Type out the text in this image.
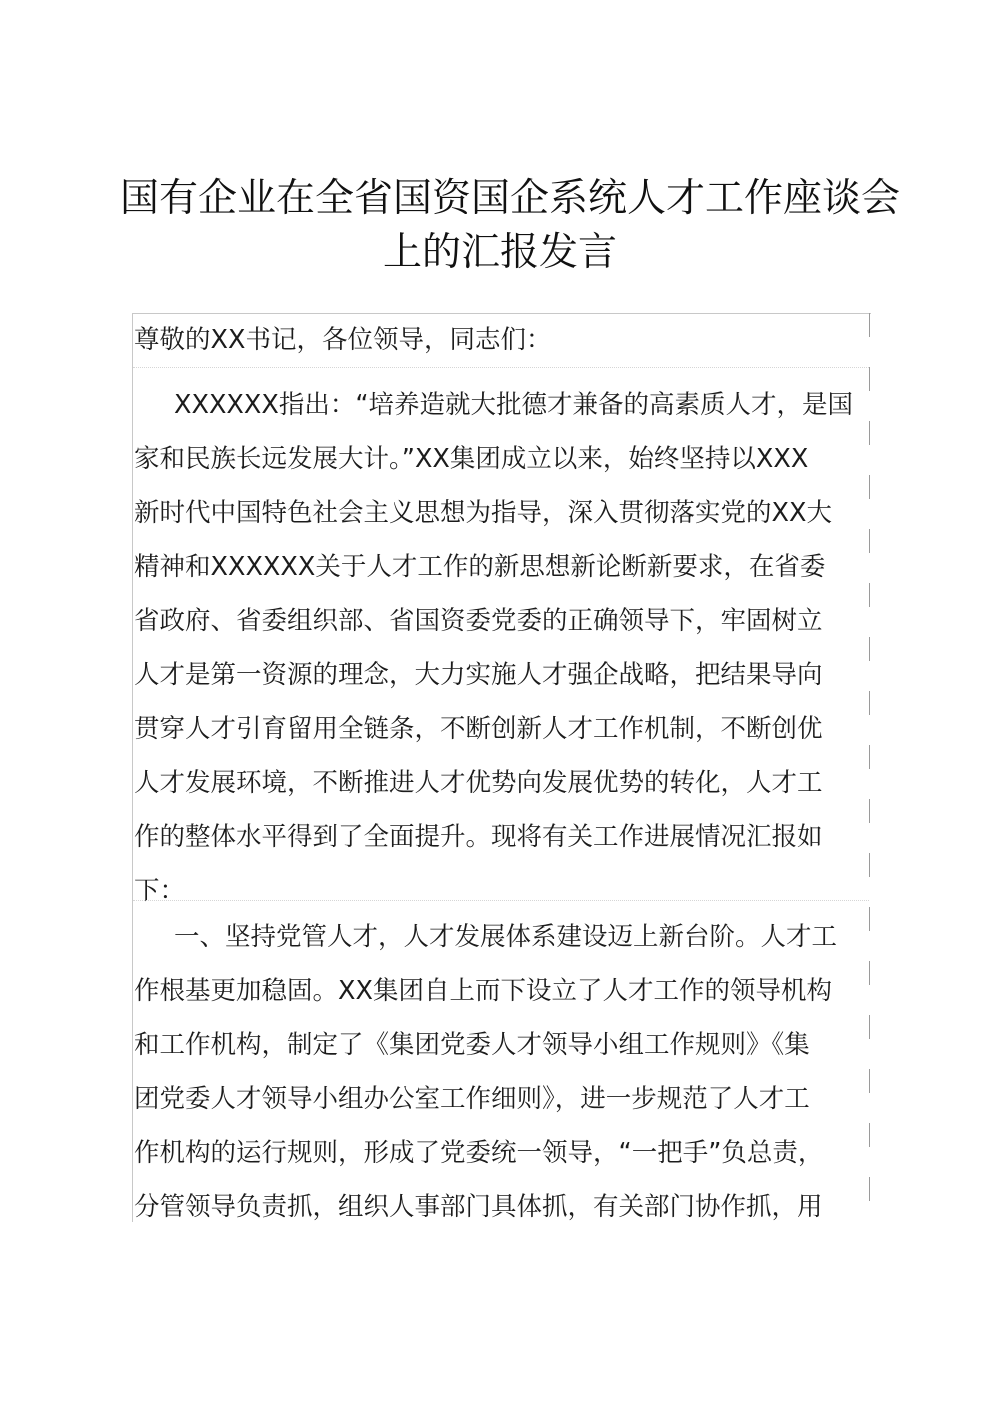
国有企业在全省国资国企系统人才工作座谈会
上的汇报发言
尊敬的XX书记，各位领导，同志们：
XXXXXX指出：“培养造就大批德才兼备的高素质人才，是国
家和民族长远发展大计。”XX集团成立以来，始终坚持以XXX
新时代中国特色社会主义思想为指导，深入贯彻落实党的XX大
精神和XXXXXX关于人才工作的新思想新论断新要求，在省委
省政府、省委组织部、省国资委党委的正确领导下，牢固树立
人才是第一资源的理念，大力实施人才强企战略，把结果导向
贯穿人才引育留用全链条，不断创新人才工作机制，不断创优
人才发展环境，不断推进人才优势向发展优势的转化，人才工
作的整体水平得到了全面提升。现将有关工作进展情况汇报如
下：
一、坚持党管人才，人才发展体系建设迈上新台阶。人才工
作根基更加稳固。XX集团自上而下设立了人才工作的领导机构
和工作机构，制定了《集团党委人才领导小组工作规则》《集
团党委人才领导小组办公室工作细则》，进一步规范了人才工
作机构的运行规则，形成了党委统一领导，“一把手”负总责，
分管领导负责抓，组织人事部门具体抓，有关部门协作抓，用
